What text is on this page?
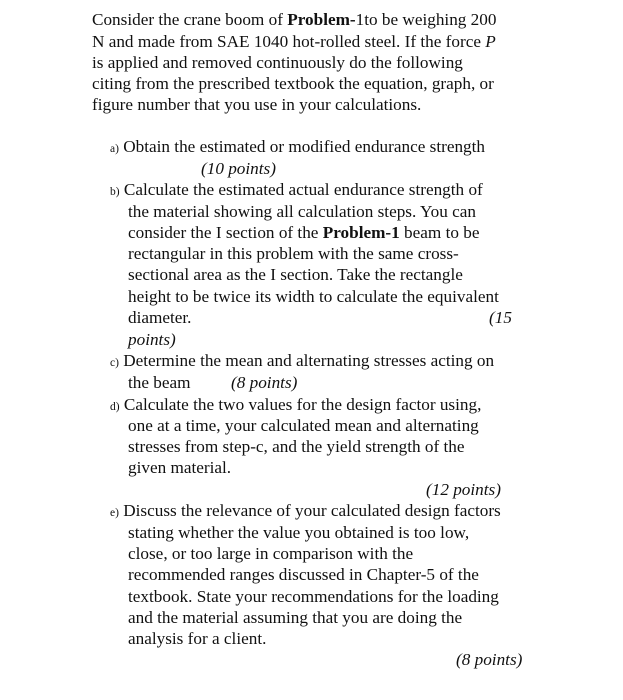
Consider the crane boom of Problem-1to be weighing 200
N and made from SAE 1040 hot-rolled steel. If the force P
is applied and removed continuously do the following
citing from the prescribed textbook the equation, graph, or
figure number that you use in your calculations.
a) Obtain the estimated or modified endurance strength
(10 points)
b) Calculate the estimated actual endurance strength of
the material showing all calculation steps. You can
consider the I section of the Problem-1 beam to be
rectangular in this problem with the same cross-
sectional area as the I section. Take the rectangle
height to be twice its width to calculate the equivalent
diameter.	(15
points)
c) Determine the mean and alternating stresses acting on
the beam (8 points)
d) Calculate the two values for the design factor using,
one at a time, your calculated mean and alternating
stresses from step-c, and the yield strength of the
given material.
(12 points)
e) Discuss the relevance of your calculated design factors
stating whether the value you obtained is too low,
close, or too large in comparison with the
recommended ranges discussed in Chapter-5 of the
textbook. State your recommendations for the loading
and the material assuming that you are doing the
analysis for a client.
(8 points)
